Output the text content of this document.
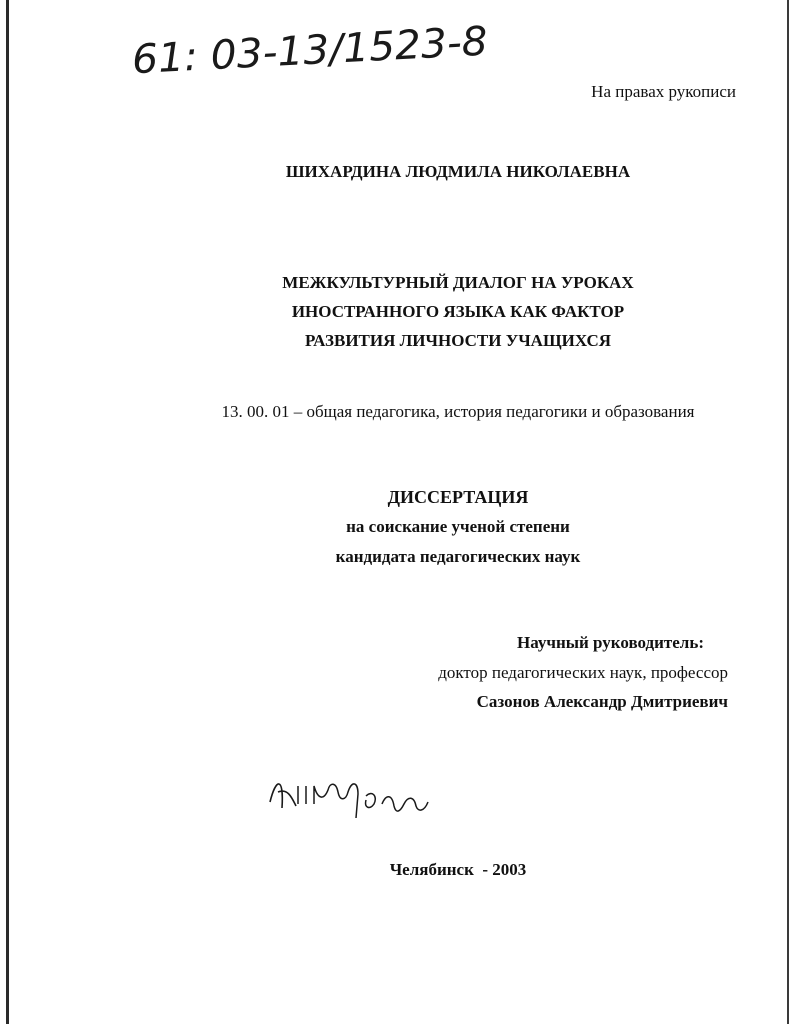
61: 03-13/1523-8
На правах рукописи
ШИХАРДИНА ЛЮДМИЛА НИКОЛАЕВНА
МЕЖКУЛЬТУРНЫЙ ДИАЛОГ НА УРОКАХ
ИНОСТРАННОГО ЯЗЫКА КАК ФАКТОР
РАЗВИТИЯ ЛИЧНОСТИ УЧАЩИХСЯ
13. 00. 01 – общая педагогика, история педагогики и образования
ДИССЕРТАЦИЯ
на соискание ученой степени
кандидата педагогических наук
Научный руководитель:
доктор педагогических наук, профессор
Сазонов Александр Дмитриевич
Челябинск  - 2003
